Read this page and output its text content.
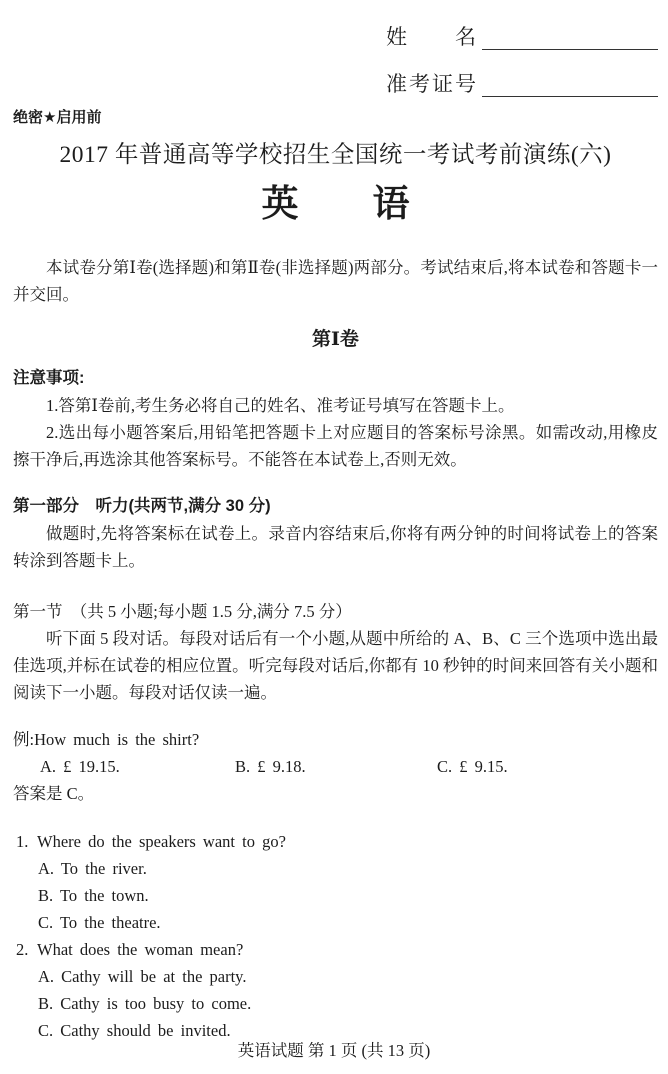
姓　　名
准考证号
绝密★启用前
2017 年普通高等学校招生全国统一考试考前演练(六)
英　　语
本试卷分第Ⅰ卷(选择题)和第Ⅱ卷(非选择题)两部分。考试结束后,将本试卷和答题卡一并交回。
第Ⅰ卷
注意事项:
1.答第Ⅰ卷前,考生务必将自己的姓名、准考证号填写在答题卡上。
2.选出每小题答案后,用铅笔把答题卡上对应题目的答案标号涂黑。如需改动,用橡皮擦干净后,再选涂其他答案标号。不能答在本试卷上,否则无效。
第一部分　听力(共两节,满分 30 分)
做题时,先将答案标在试卷上。录音内容结束后,你将有两分钟的时间将试卷上的答案转涂到答题卡上。
第一节　（共 5 小题;每小题 1.5 分,满分 7.5 分）
听下面 5 段对话。每段对话后有一个小题,从题中所给的 A、B、C 三个选项中选出最佳选项,并标在试卷的相应位置。听完每段对话后,你都有 10 秒钟的时间来回答有关小题和阅读下一小题。每段对话仅读一遍。
例:How much is the shirt?
A. £ 19.15.	B. £ 9.18.	C. £ 9.15.
答案是 C。
1. Where do the speakers want to go?
A. To the river.
B. To the town.
C. To the theatre.
2. What does the woman mean?
A. Cathy will be at the party.
B. Cathy is too busy to come.
C. Cathy should be invited.
英语试题 第 1 页 (共 13 页)
